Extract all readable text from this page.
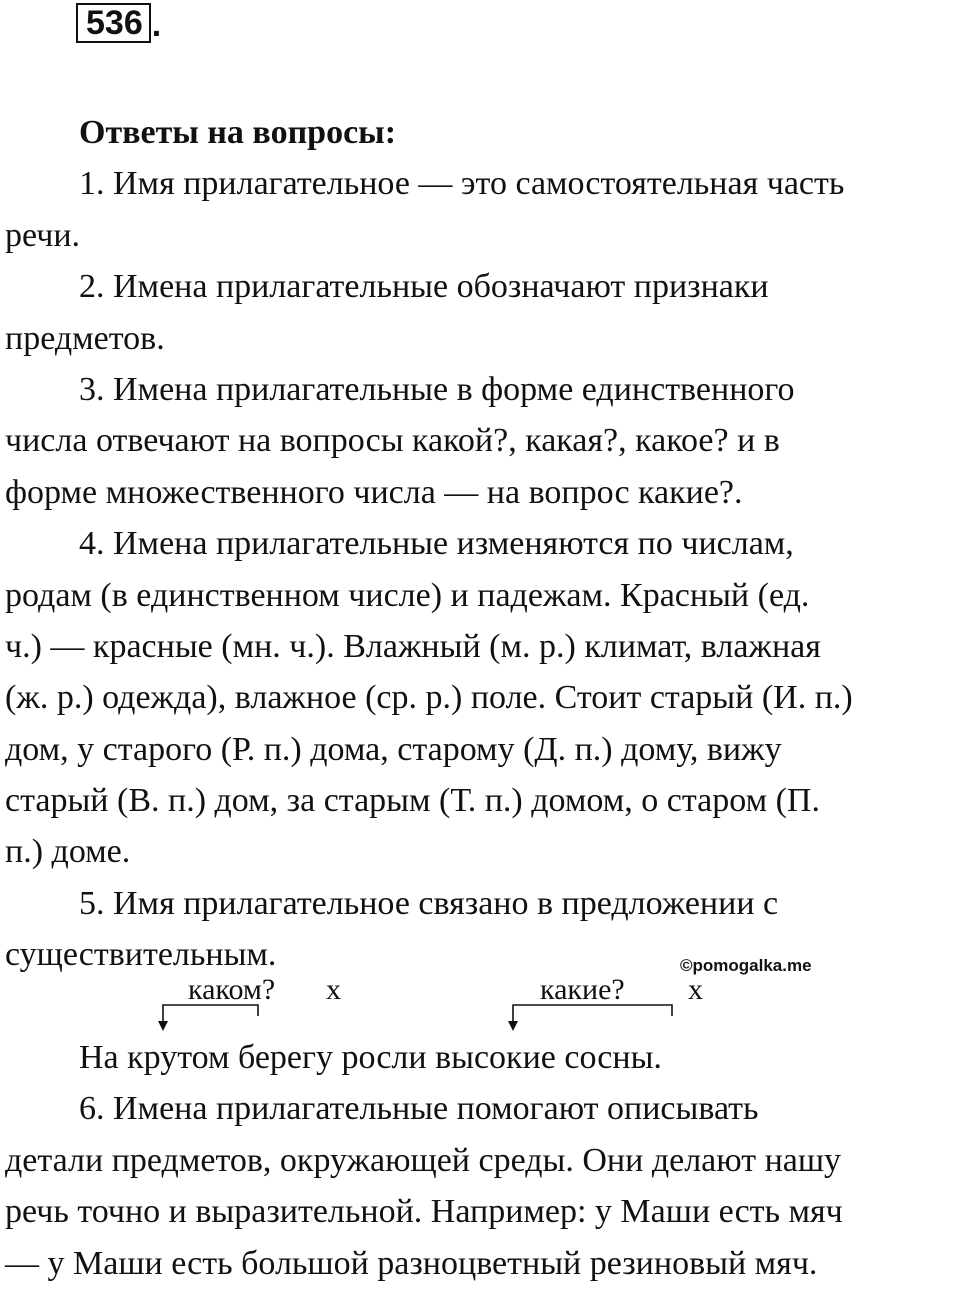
536 .
Ответы на вопросы:
1. Имя прилагательное — это самостоятельная часть
речи.
2. Имена прилагательные обозначают признаки
предметов.
3. Имена прилагательные в форме единственного
числа отвечают на вопросы какой?, какая?, какое? и в
форме множественного числа — на вопрос какие?.
4. Имена прилагательные изменяются по числам,
родам (в единственном числе) и падежам. Красный (ед.
ч.) — красные (мн. ч.). Влажный (м. р.) климат, влажная
(ж. р.) одежда), влажное (ср. р.) поле. Стоит старый (И. п.)
дом, у старого (Р. п.) дома, старому (Д. п.) дому, вижу
старый (В. п.) дом, за старым (Т. п.) домом, о старом (П.
п.) доме.
5. Имя прилагательное связано в предложении с
существительным.
На крутом берегу росли высокие сосны.
6. Имена прилагательные помогают описывать
детали предметов, окружающей среды. Они делают нашу
речь точно и выразительной. Например: у Маши есть мяч
— у Маши есть большой разноцветный резиновый мяч.
©pomogalka.me
каком? x	какие? x
